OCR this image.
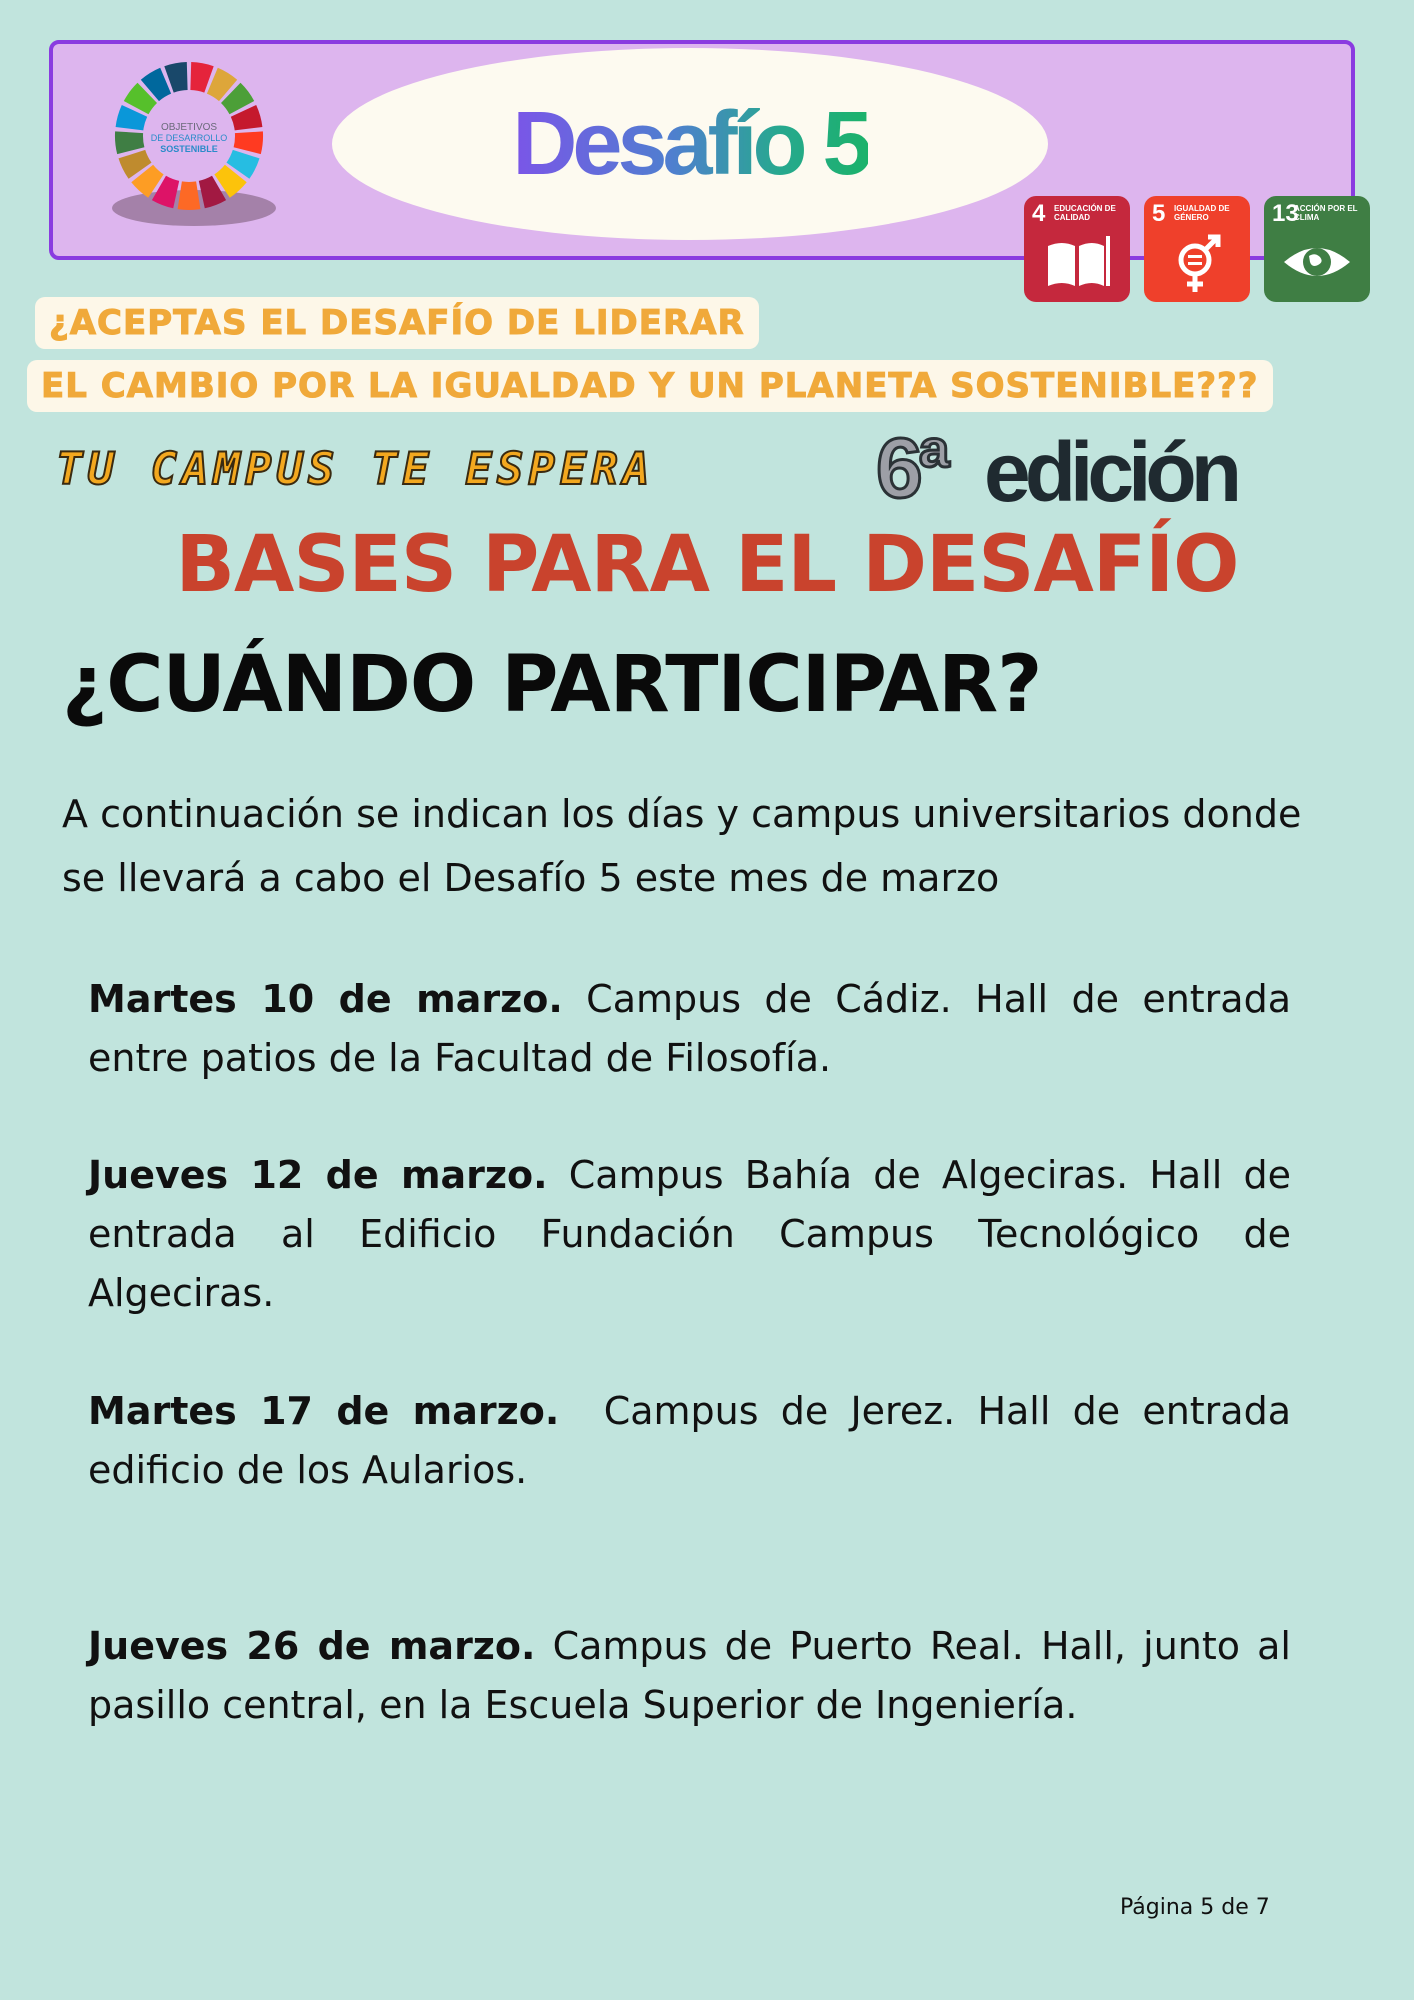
OBJETIVOS
DE DESARROLLO
SOSTENIBLE	Desafío 5
4 EDUCACIÓN DE CALIDAD	5 IGUALDAD DE GÉNERO	13
ACCIÓN POR EL CLIMA
¿ACEPTAS EL DESAFÍO DE LIDERAR
EL CAMBIO POR LA IGUALDAD Y UN PLANETA SOSTENIBLE???
TU CAMPUS TE ESPERA	6ª edición
BASES PARA EL DESAFÍO
¿CUÁNDO PARTICIPAR?
A continuación se indican los días y campus universitarios donde se llevará a cabo el Desafío 5 este mes de marzo
Martes 10 de marzo. Campus de Cádiz. Hall de entrada entre patios de la Facultad de Filosofía.
Jueves 12 de marzo. Campus Bahía de Algeciras. Hall de entrada al Edificio Fundación Campus Tecnológico de Algeciras.
Martes 17 de marzo.  Campus de Jerez. Hall de entrada edificio de los Aularios.
Jueves 26 de marzo. Campus de Puerto Real. Hall, junto al pasillo central, en la Escuela Superior de Ingeniería.
Página 5 de 7
